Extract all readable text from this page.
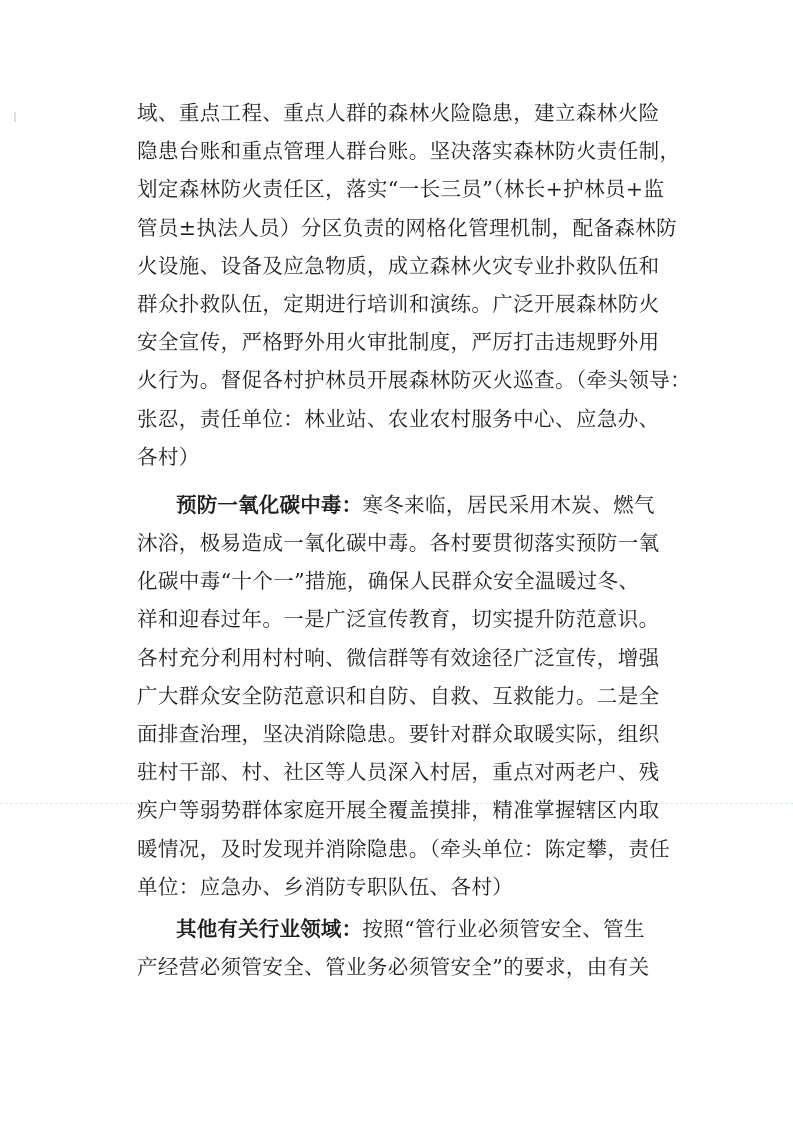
域、重点工程、重点人群的森林火险隐患，建立森林火险
隐患台账和重点管理人群台账。坚决落实森林防火责任制，
划定森林防火责任区，落实“一长三员”（林长+护林员+监
管员±执法人员）分区负责的网格化管理机制，配备森林防
火设施、设备及应急物质，成立森林火灾专业扑救队伍和
群众扑救队伍，定期进行培训和演练。广泛开展森林防火
安全宣传，严格野外用火审批制度，严厉打击违规野外用
火行为。督促各村护林员开展森林防灭火巡查。（牵头领导：
张忍，责任单位：林业站、农业农村服务中心、应急办、
各村）
预防一氧化碳中毒：寒冬来临，居民采用木炭、燃气
沐浴，极易造成一氧化碳中毒。各村要贯彻落实预防一氧
化碳中毒“十个一”措施，确保人民群众安全温暖过冬、
祥和迎春过年。一是广泛宣传教育，切实提升防范意识。
各村充分利用村村响、微信群等有效途径广泛宣传，增强
广大群众安全防范意识和自防、自救、互救能力。二是全
面排查治理，坚决消除隐患。要针对群众取暖实际，组织
驻村干部、村、社区等人员深入村居，重点对两老户、残
疾户等弱势群体家庭开展全覆盖摸排，精准掌握辖区内取
暖情况，及时发现并消除隐患。（牵头单位：陈定攀，责任
单位：应急办、乡消防专职队伍、各村）
其他有关行业领域：按照“管行业必须管安全、管生
产经营必须管安全、管业务必须管安全”的要求，由有关
